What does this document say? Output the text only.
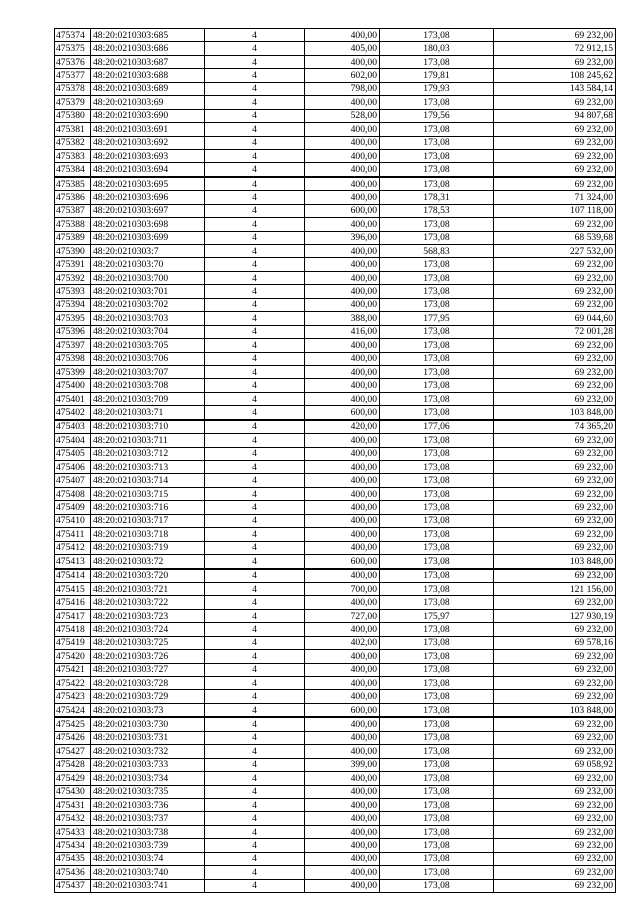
475374	48:20:0210303:685	4	400,00	173,08	69 232,00
475375	48:20:0210303:686	4	405,00	180,03	72 912,15
475376	48:20:0210303:687	4	400,00	173,08	69 232,00
475377	48:20:0210303:688	4	602,00	179,81	108 245,62
475378	48:20:0210303:689	4	798,00	179,93	143 584,14
475379	48:20:0210303:69	4	400,00	173,08	69 232,00
475380	48:20:0210303:690	4	528,00	179,56	94 807,68
475381	48:20:0210303:691	4	400,00	173,08	69 232,00
475382	48:20:0210303:692	4	400,00	173,08	69 232,00
475383	48:20:0210303:693	4	400,00	173,08	69 232,00
475384	48:20:0210303:694	4	400,00	173,08	69 232,00
475385	48:20:0210303:695	4	400,00	173,08	69 232,00
475386	48:20:0210303:696	4	400,00	178,31	71 324,00
475387	48:20:0210303:697	4	600,00	178,53	107 118,00
475388	48:20:0210303:698	4	400,00	173,08	69 232,00
475389	48:20:0210303:699	4	396,00	173,08	68 539,68
475390	48:20:0210303:7	4	400,00	568,83	227 532,00
475391	48:20:0210303:70	4	400,00	173,08	69 232,00
475392	48:20:0210303:700	4	400,00	173,08	69 232,00
475393	48:20:0210303:701	4	400,00	173,08	69 232,00
475394	48:20:0210303:702	4	400,00	173,08	69 232,00
475395	48:20:0210303:703	4	388,00	177,95	69 044,60
475396	48:20:0210303:704	4	416,00	173,08	72 001,28
475397	48:20:0210303:705	4	400,00	173,08	69 232,00
475398	48:20:0210303:706	4	400,00	173,08	69 232,00
475399	48:20:0210303:707	4	400,00	173,08	69 232,00
475400	48:20:0210303:708	4	400,00	173,08	69 232,00
475401	48:20:0210303:709	4	400,00	173,08	69 232,00
475402	48:20:0210303:71	4	600,00	173,08	103 848,00
475403	48:20:0210303:710	4	420,00	177,06	74 365,20
475404	48:20:0210303:711	4	400,00	173,08	69 232,00
475405	48:20:0210303:712	4	400,00	173,08	69 232,00
475406	48:20:0210303:713	4	400,00	173,08	69 232,00
475407	48:20:0210303:714	4	400,00	173,08	69 232,00
475408	48:20:0210303:715	4	400,00	173,08	69 232,00
475409	48:20:0210303:716	4	400,00	173,08	69 232,00
475410	48:20:0210303:717	4	400,00	173,08	69 232,00
475411	48:20:0210303:718	4	400,00	173,08	69 232,00
475412	48:20:0210303:719	4	400,00	173,08	69 232,00
475413	48:20:0210303:72	4	600,00	173,08	103 848,00
475414	48:20:0210303:720	4	400,00	173,08	69 232,00
475415	48:20:0210303:721	4	700,00	173,08	121 156,00
475416	48:20:0210303:722	4	400,00	173,08	69 232,00
475417	48:20:0210303:723	4	727,00	175,97	127 930,19
475418	48:20:0210303:724	4	400,00	173,08	69 232,00
475419	48:20:0210303:725	4	402,00	173,08	69 578,16
475420	48:20:0210303:726	4	400,00	173,08	69 232,00
475421	48:20:0210303:727	4	400,00	173,08	69 232,00
475422	48:20:0210303:728	4	400,00	173,08	69 232,00
475423	48:20:0210303:729	4	400,00	173,08	69 232,00
475424	48:20:0210303:73	4	600,00	173,08	103 848,00
475425	48:20:0210303:730	4	400,00	173,08	69 232,00
475426	48:20:0210303:731	4	400,00	173,08	69 232,00
475427	48:20:0210303:732	4	400,00	173,08	69 232,00
475428	48:20:0210303:733	4	399,00	173,08	69 058,92
475429	48:20:0210303:734	4	400,00	173,08	69 232,00
475430	48:20:0210303:735	4	400,00	173,08	69 232,00
475431	48:20:0210303:736	4	400,00	173,08	69 232,00
475432	48:20:0210303:737	4	400,00	173,08	69 232,00
475433	48:20:0210303:738	4	400,00	173,08	69 232,00
475434	48:20:0210303:739	4	400,00	173,08	69 232,00
475435	48:20:0210303:74	4	400,00	173,08	69 232,00
475436	48:20:0210303:740	4	400,00	173,08	69 232,00
475437	48:20:0210303:741	4	400,00	173,08	69 232,00
